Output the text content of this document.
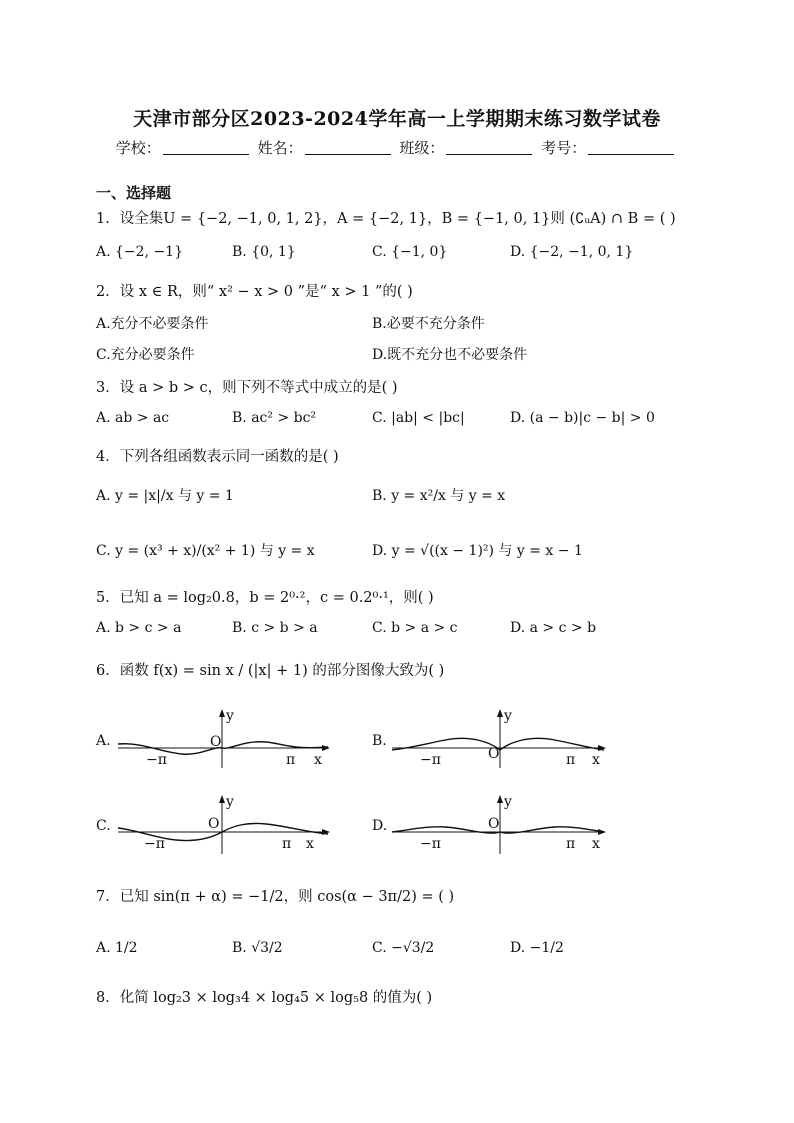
天津市部分区2023-2024学年高一上学期期末练习数学试卷
学校：	姓名：	班级：	考号：
一、选择题
1．设全集U = {−2, −1, 0, 1, 2}，A = {−2, 1}，B = {−1, 0, 1}则 (∁ᵤA) ∩ B = ( )
A. {−2, −1}	B. {0, 1}	C. {−1, 0}	D. {−2, −1, 0, 1}
2．设 x ∈ R，则“ x² − x > 0 ”是“ x > 1 ”的( )
A.充分不必要条件	B.必要不充分条件
C.充分必要条件	D.既不充分也不必要条件
3．设 a > b > c，则下列不等式中成立的是( )
A. ab > ac	B. ac² > bc²	C. |ab| < |bc|	D. (a − b)|c − b| > 0
4．下列各组函数表示同一函数的是( )
A. y = |x|/x 与 y = 1	B. y = x²/x 与 y = x
C. y = (x³ + x)/(x² + 1) 与 y = x	D. y = √((x − 1)²) 与 y = x − 1
5．已知 a = log₂0.8，b = 2⁰·²，c = 0.2⁰·¹，则( )
A. b > c > a	B. c > b > a	C. b > a > c	D. a > c > b
6．函数 f(x) = sin x / (|x| + 1) 的部分图像大致为( )
A.
y
O
−π	π x
B.
y
O
−π	π x
C.
y
O
−π	π x
D.
y
O
−π	π x
7．已知 sin(π + α) = −1/2，则 cos(α − 3π/2) = ( )
A. 1/2	B. √3/2	C. −√3/2	D. −1/2
8．化简 log₂3 × log₃4 × log₄5 × log₅8 的值为( )
